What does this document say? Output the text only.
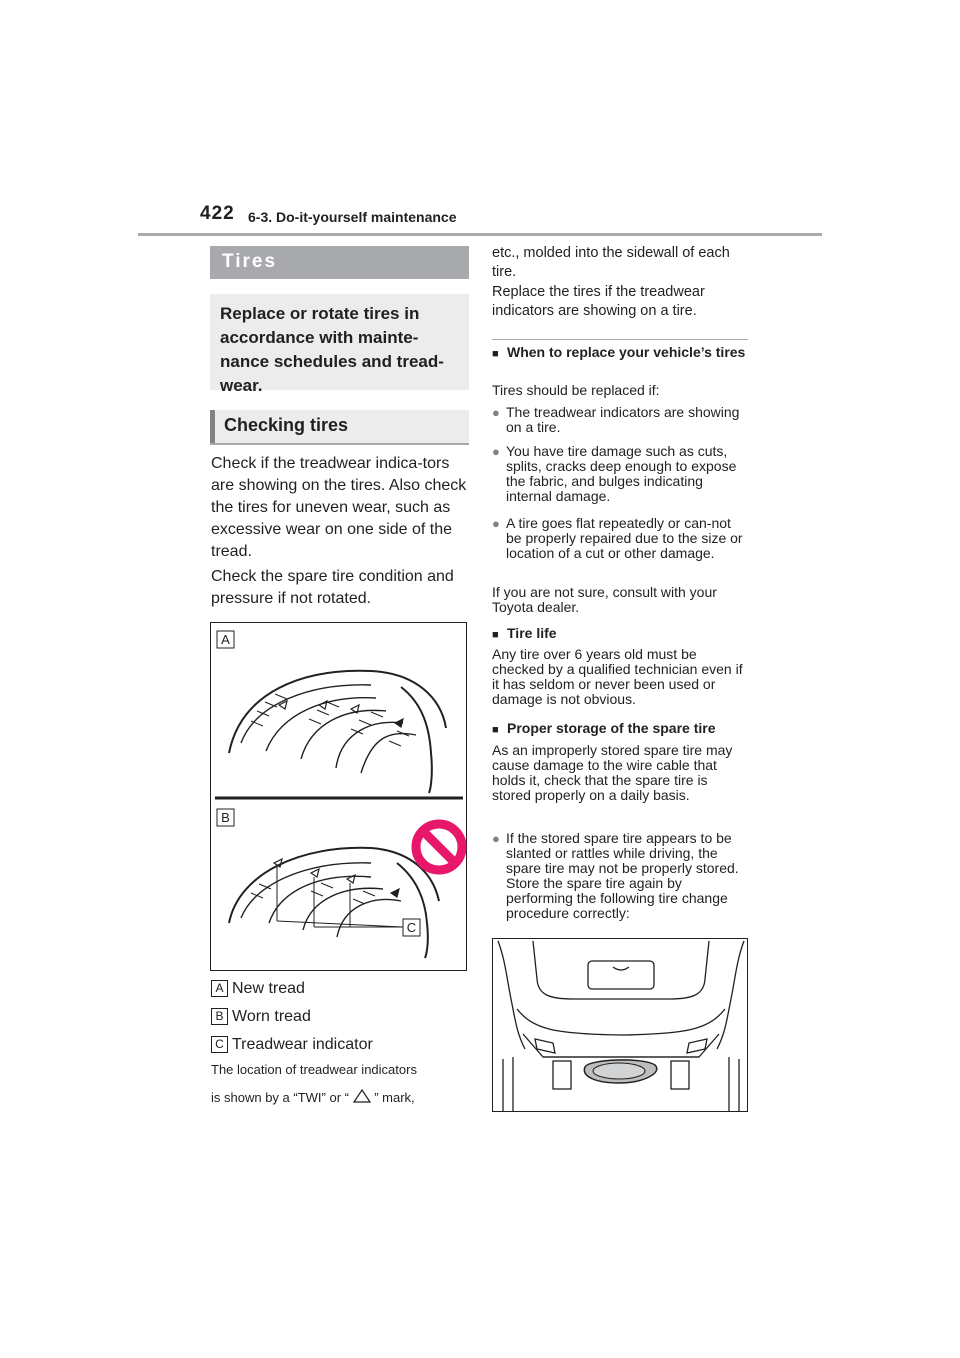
422 6-3. Do-it-yourself maintenance
Tires

Replace or rotate tires in accordance with mainte-nance schedules and tread-wear.

Checking tires

Check if the treadwear indica-tors are showing on the tires. Also check the tires for uneven wear, such as excessive wear on one side of the tread.

Check the spare tire condition and pressure if not rotated.

A
B
C
A New tread
B Worn tread
C Treadwear indicator

The location of treadwear indicators
is shown by a “TWI” or “ ” mark,

etc., molded into the sidewall of each tire.

Replace the tires if the treadwear indicators are showing on a tire.

■ When to replace your vehicle’s tires

Tires should be replaced if:

● The treadwear indicators are showing on a tire.
● You have tire damage such as cuts, splits, cracks deep enough to expose the fabric, and bulges indicating internal damage.
● A tire goes flat repeatedly or can-not be properly repaired due to the size or location of a cut or other damage.

If you are not sure, consult with your Toyota dealer.

■ Tire life

Any tire over 6 years old must be checked by a qualified technician even if it has seldom or never been used or damage is not obvious.

■ Proper storage of the spare tire

As an improperly stored spare tire may cause damage to the wire cable that holds it, check that the spare tire is stored properly on a daily basis.

● If the stored spare tire appears to be slanted or rattles while driving, the spare tire may not be properly stored. Store the spare tire again by performing the following tire change procedure correctly:
